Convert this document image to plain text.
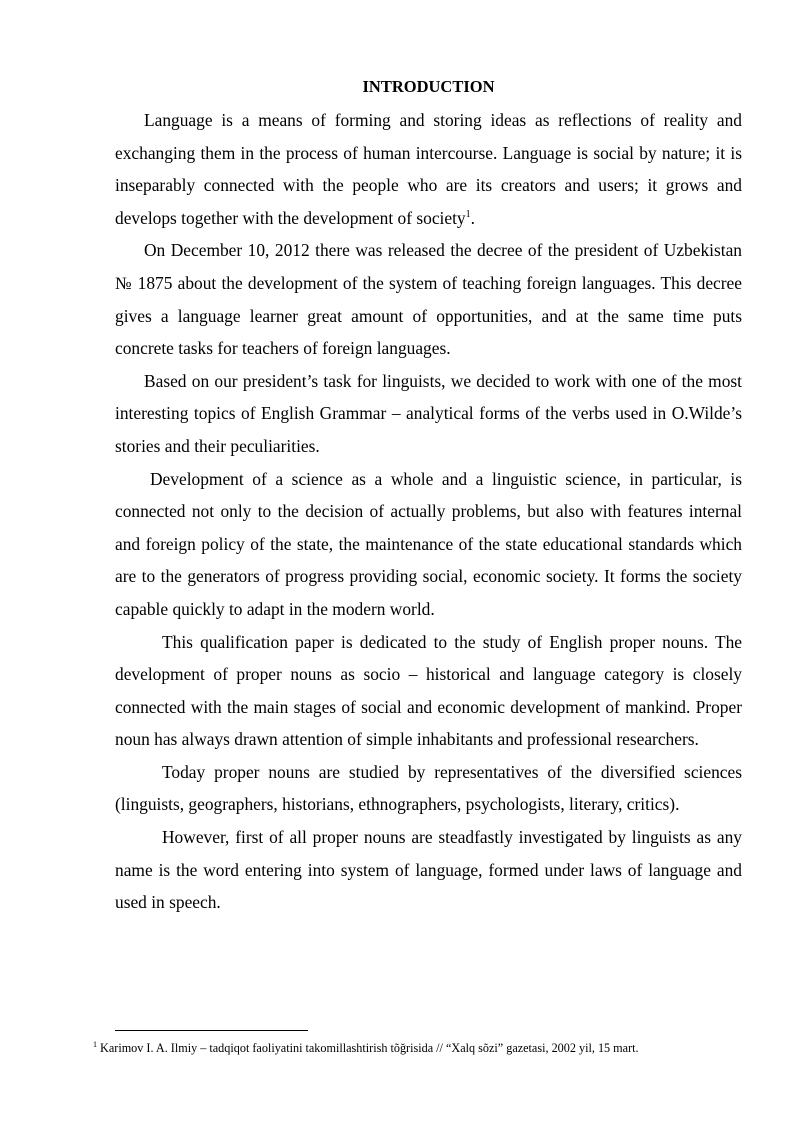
INTRODUCTION

Language is a means of forming and storing ideas as reflections of reality and exchanging them in the process of human intercourse. Language is social by nature; it is inseparably connected with the people who are its creators and users; it grows and develops together with the development of society$^1$.

On December 10, 2012 there was released the decree of the president of Uzbekistan № 1875 about the development of the system of teaching foreign languages. This decree gives a language learner great amount of opportunities, and at the same time puts concrete tasks for teachers of foreign languages.

Based on our president’s task for linguists, we decided to work with one of the most interesting topics of English Grammar – analytical forms of the verbs used in O.Wilde’s stories and their peculiarities.

Development of a science as a whole and a linguistic science, in particular, is connected not only to the decision of actually problems, but also with features internal and foreign policy of the state, the maintenance of the state educational standards which are to the generators of progress providing social, economic society. It forms the society capable quickly to adapt in the modern world.

This qualification paper is dedicated to the study of English proper nouns. The development of proper nouns as socio – historical and language category is closely connected with the main stages of social and economic development of mankind. Proper noun has always drawn attention of simple inhabitants and professional researchers.

Today proper nouns are studied by representatives of the diversified sciences (linguists, geographers, historians, ethnographers, psychologists, literary, critics).

However, first of all proper nouns are steadfastly investigated by linguists as any name is the word entering into system of language, formed under laws of language and used in speech.

$^1$ Karimov I. A. Ilmiy – tadqiqot faoliyatini takomillashtirish tõğrisida // “Xalq sõzi” gazetasi, 2002 yil, 15 mart.
